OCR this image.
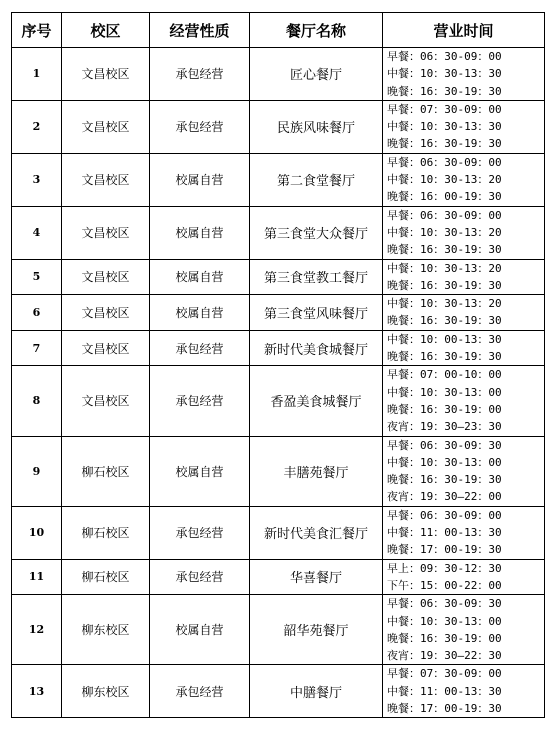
序号	校区	经营性质	餐厅名称	营业时间
1	文昌校区	承包经营	匠心餐厅	早餐：06：30-09：00
中餐：10：30-13：30
晚餐：16：30-19：30

2	文昌校区	承包经营	民族风味餐厅	早餐：07：30-09：00
中餐：10：30-13：30
晚餐：16：30-19：30

3	文昌校区	校属自营	第二食堂餐厅	早餐：06：30-09：00
中餐：10：30-13：20
晚餐：16：00-19：30

4	文昌校区	校属自营	第三食堂大众餐厅	早餐：06：30-09：00
中餐：10：30-13：20
晚餐：16：30-19：30

5	文昌校区	校属自营	第三食堂教工餐厅	中餐：10：30-13：20
晚餐：16：30-19：30

6	文昌校区	校属自营	第三食堂风味餐厅	中餐：10：30-13：20
晚餐：16：30-19：30

7	文昌校区	承包经营	新时代美食城餐厅	中餐：10：00-13：30
晚餐：16：30-19：30

8	文昌校区	承包经营	香盈美食城餐厅	早餐：07：00-10：00
中餐：10：30-13：00
晚餐：16：30-19：00
夜宵：19：30—23：30

9	柳石校区	校属自营	丰膳苑餐厅	早餐：06：30-09：30
中餐：10：30-13：00
晚餐：16：30-19：30
夜宵：19：30—22：00

10	柳石校区	承包经营	新时代美食汇餐厅	早餐：06：30-09：00
中餐：11：00-13：30
晚餐：17：00-19：30

11	柳石校区	承包经营	华喜餐厅	早上：09：30-12：30
下午：15：00-22：00

12	柳东校区	校属自营	韶华苑餐厅	早餐：06：30-09：30
中餐：10：30-13：00
晚餐：16：30-19：00
夜宵：19：30—22：30

13	柳东校区	承包经营	中膳餐厅	早餐：07：30-09：00
中餐：11：00-13：30
晚餐：17：00-19：30
